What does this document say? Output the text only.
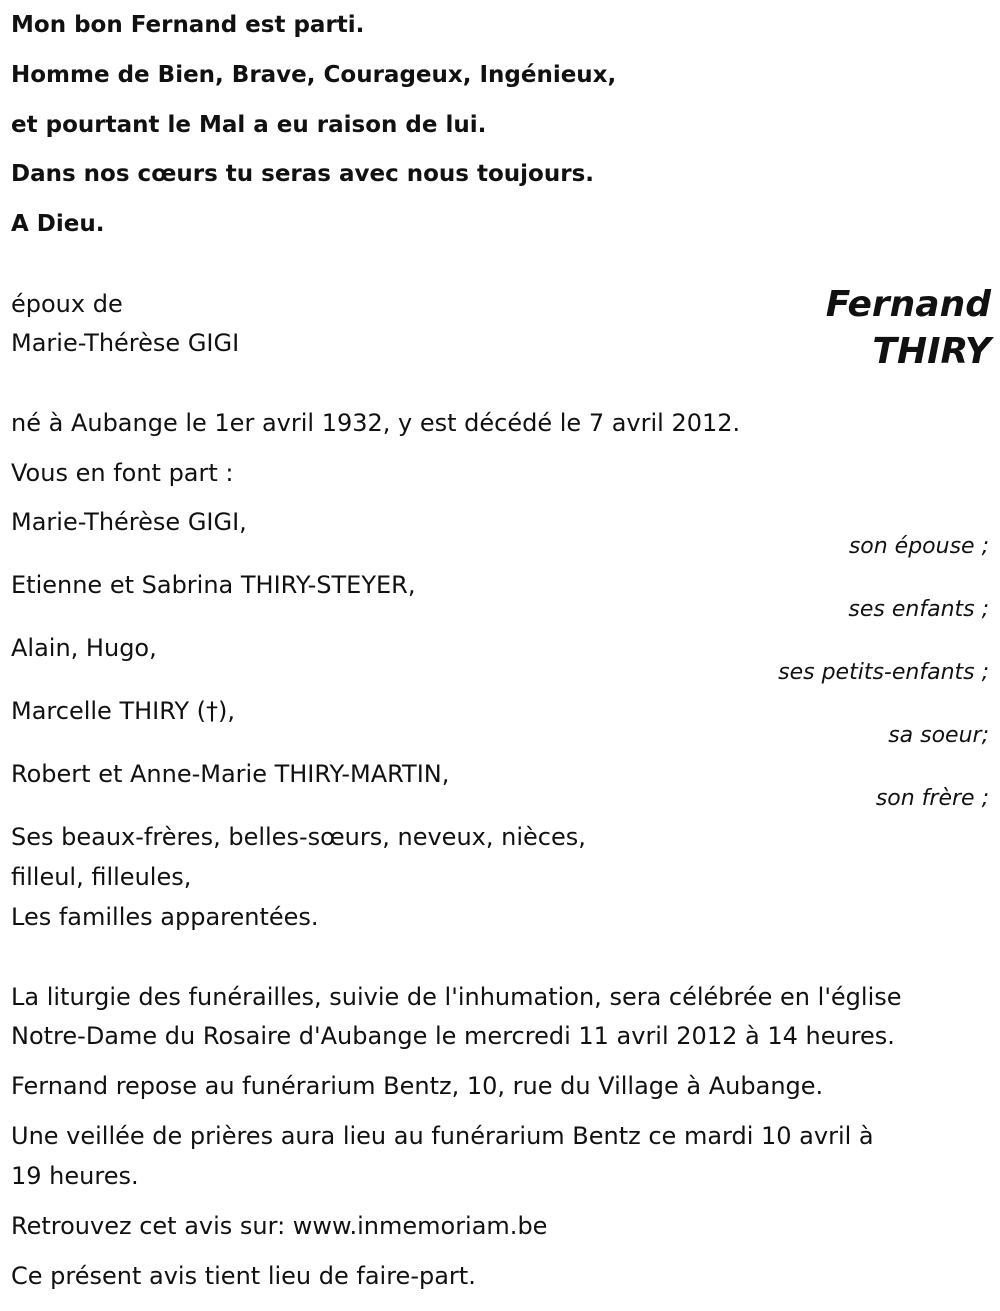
Mon bon Fernand est parti.
Homme de Bien, Brave, Courageux, Ingénieux,
et pourtant le Mal a eu raison de lui.
Dans nos cœurs tu seras avec nous toujours.
A Dieu.
époux de
Marie-Thérèse GIGI
Fernand
THIRY
né à Aubange le 1er avril 1932, y est décédé le 7 avril 2012.
Vous en font part :
Marie-Thérèse GIGI,
son épouse ;
Etienne et Sabrina THIRY-STEYER,
ses enfants ;
Alain, Hugo,
ses petits-enfants ;
Marcelle THIRY (†),
sa soeur;
Robert et Anne-Marie THIRY-MARTIN,
son frère ;
Ses beaux-frères, belles-sœurs, neveux, nièces,
filleul, filleules,
Les familles apparentées.
La liturgie des funérailles, suivie de l'inhumation, sera célébrée en l'église
Notre-Dame du Rosaire d'Aubange le mercredi 11 avril 2012 à 14 heures.
Fernand repose au funérarium Bentz, 10, rue du Village à Aubange.
Une veillée de prières aura lieu au funérarium Bentz ce mardi 10 avril à
19 heures.
Retrouvez cet avis sur: www.inmemoriam.be
Ce présent avis tient lieu de faire-part.
